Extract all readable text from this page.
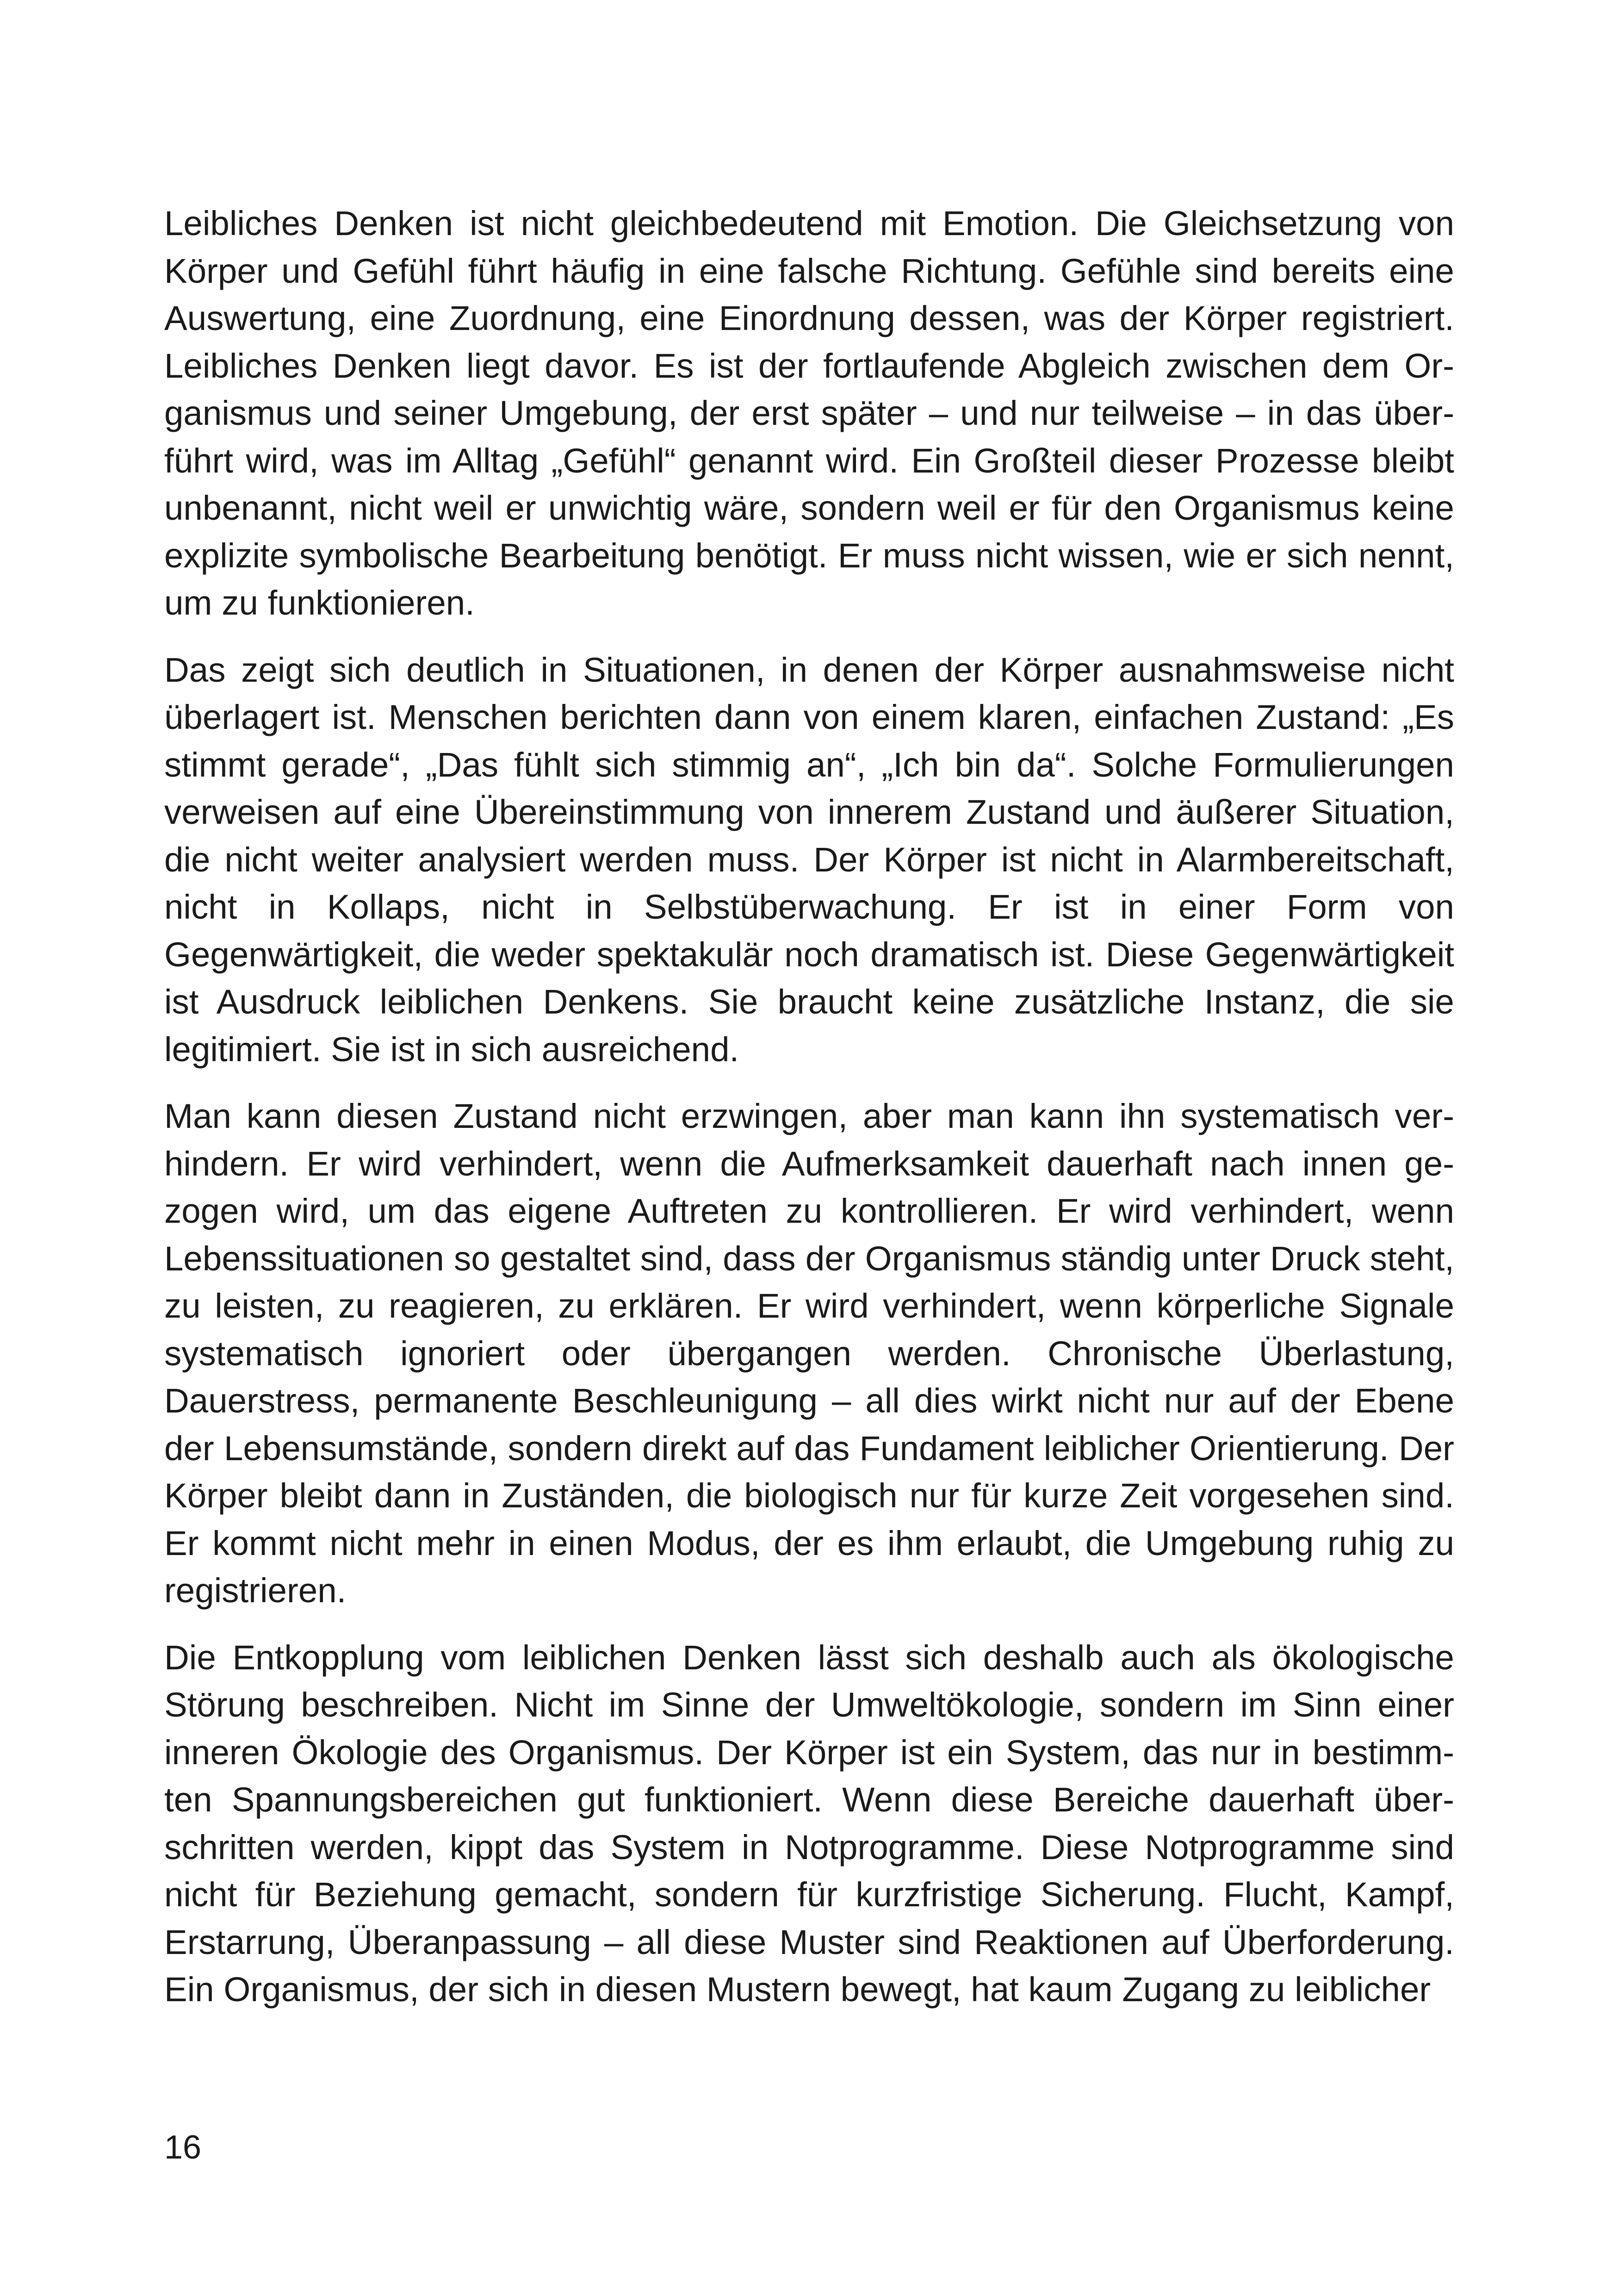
Leibliches Denken ist nicht gleichbedeutend mit Emotion. Die Gleichsetzung von Körper und Gefühl führt häufig in eine falsche Richtung. Gefühle sind bereits eine Auswertung, eine Zuordnung, eine Einordnung dessen, was der Körper registriert. Leibliches Denken liegt davor. Es ist der fortlaufende Abgleich zwischen dem Organismus und seiner Umgebung, der erst später – und nur teilweise – in das überführt wird, was im Alltag „Gefühl“ genannt wird. Ein Großteil dieser Prozesse bleibt unbenannt, nicht weil er unwichtig wäre, sondern weil er für den Organismus keine explizite symbolische Bearbeitung benötigt. Er muss nicht wissen, wie er sich nennt, um zu funktionieren.

Das zeigt sich deutlich in Situationen, in denen der Körper ausnahmsweise nicht überlagert ist. Menschen berichten dann von einem klaren, einfachen Zustand: „Es stimmt gerade“, „Das fühlt sich stimmig an“, „Ich bin da“. Solche Formulierungen verweisen auf eine Übereinstimmung von innerem Zustand und äußerer Situation, die nicht weiter analysiert werden muss. Der Körper ist nicht in Alarmbereitschaft, nicht in Kollaps, nicht in Selbstüberwachung. Er ist in einer Form von Gegenwärtigkeit, die weder spektakulär noch dramatisch ist. Diese Gegenwärtigkeit ist Ausdruck leiblichen Denkens. Sie braucht keine zusätzliche Instanz, die sie legitimiert. Sie ist in sich ausreichend.

Man kann diesen Zustand nicht erzwingen, aber man kann ihn systematisch verhindern. Er wird verhindert, wenn die Aufmerksamkeit dauerhaft nach innen gezogen wird, um das eigene Auftreten zu kontrollieren. Er wird verhindert, wenn Lebenssituationen so gestaltet sind, dass der Organismus ständig unter Druck steht, zu leisten, zu reagieren, zu erklären. Er wird verhindert, wenn körperliche Signale systematisch ignoriert oder übergangen werden. Chronische Überlastung, Dauerstress, permanente Beschleunigung – all dies wirkt nicht nur auf der Ebene der Lebensumstände, sondern direkt auf das Fundament leiblicher Orientierung. Der Körper bleibt dann in Zuständen, die biologisch nur für kurze Zeit vorgesehen sind. Er kommt nicht mehr in einen Modus, der es ihm erlaubt, die Umgebung ruhig zu registrieren.

Die Entkopplung vom leiblichen Denken lässt sich deshalb auch als ökologische Störung beschreiben. Nicht im Sinne der Umweltökologie, sondern im Sinn einer inneren Ökologie des Organismus. Der Körper ist ein System, das nur in bestimmten Spannungsbereichen gut funktioniert. Wenn diese Bereiche dauerhaft überschritten werden, kippt das System in Notprogramme. Diese Notprogramme sind nicht für Beziehung gemacht, sondern für kurzfristige Sicherung. Flucht, Kampf, Erstarrung, Überanpassung – all diese Muster sind Reaktionen auf Überforderung. Ein Organismus, der sich in diesen Mustern bewegt, hat kaum Zugang zu leiblicher

16
